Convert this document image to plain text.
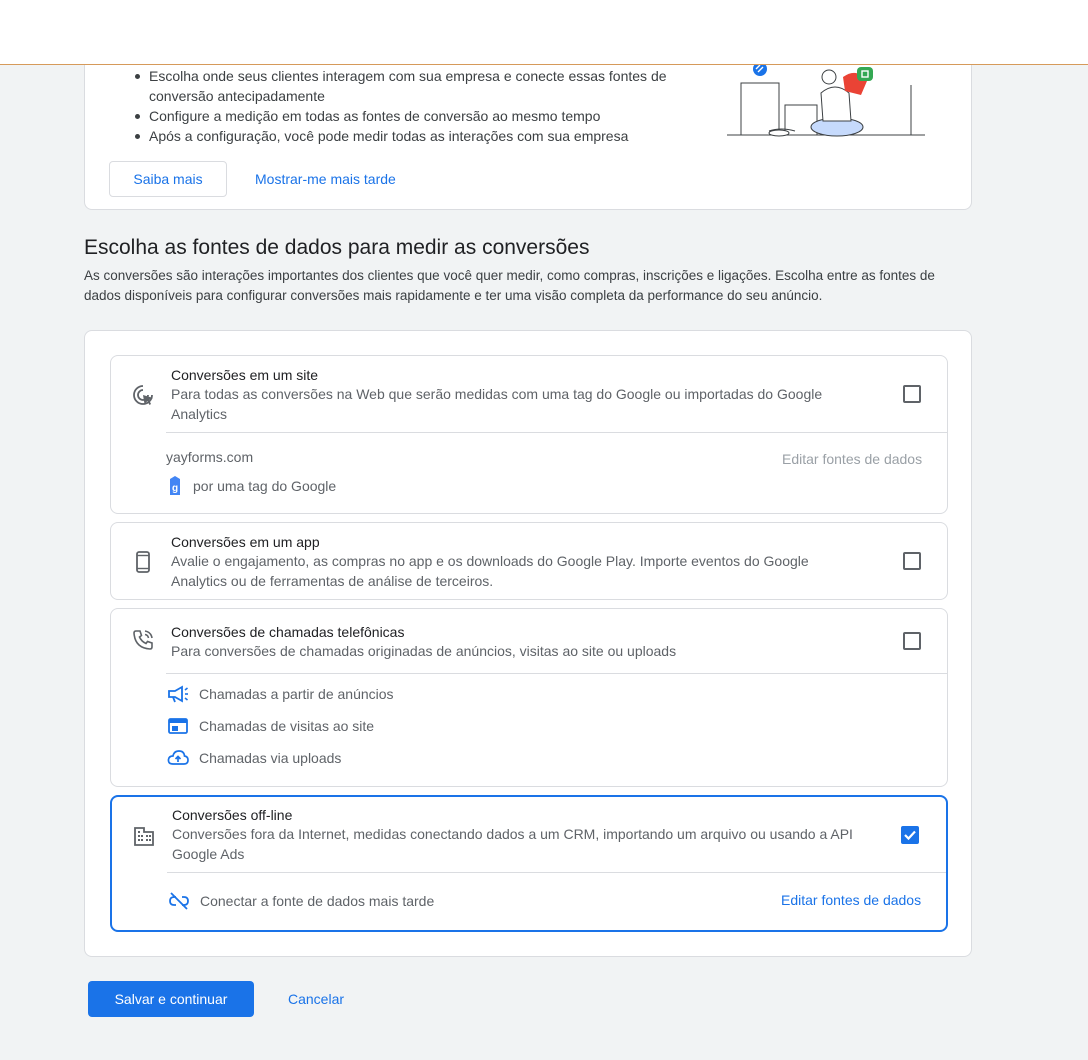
Escolha onde seus clientes interagem com sua empresa e conecte essas fontes de conversão antecipadamente
Configure a medição em todas as fontes de conversão ao mesmo tempo
Após a configuração, você pode medir todas as interações com sua empresa
Saiba mais	Mostrar-me mais tarde
Escolha as fontes de dados para medir as conversões
As conversões são interações importantes dos clientes que você quer medir, como compras, inscrições e ligações. Escolha entre as fontes de dados disponíveis para configurar conversões mais rapidamente e ter uma visão completa da performance do seu anúncio.
Conversões em um site
Para todas as conversões na Web que serão medidas com uma tag do Google ou importadas do Google Analytics
yayforms.com	Editar fontes de dados
g por uma tag do Google
Conversões em um app
Avalie o engajamento, as compras no app e os downloads do Google Play. Importe eventos do Google Analytics ou de ferramentas de análise de terceiros.
Conversões de chamadas telefônicas
Para conversões de chamadas originadas de anúncios, visitas ao site ou uploads
Chamadas a partir de anúncios
Chamadas de visitas ao site
Chamadas via uploads
Conversões off-line
Conversões fora da Internet, medidas conectando dados a um CRM, importando um arquivo ou usando a API Google Ads
Conectar a fonte de dados mais tarde	Editar fontes de dados
Salvar e continuar	Cancelar
